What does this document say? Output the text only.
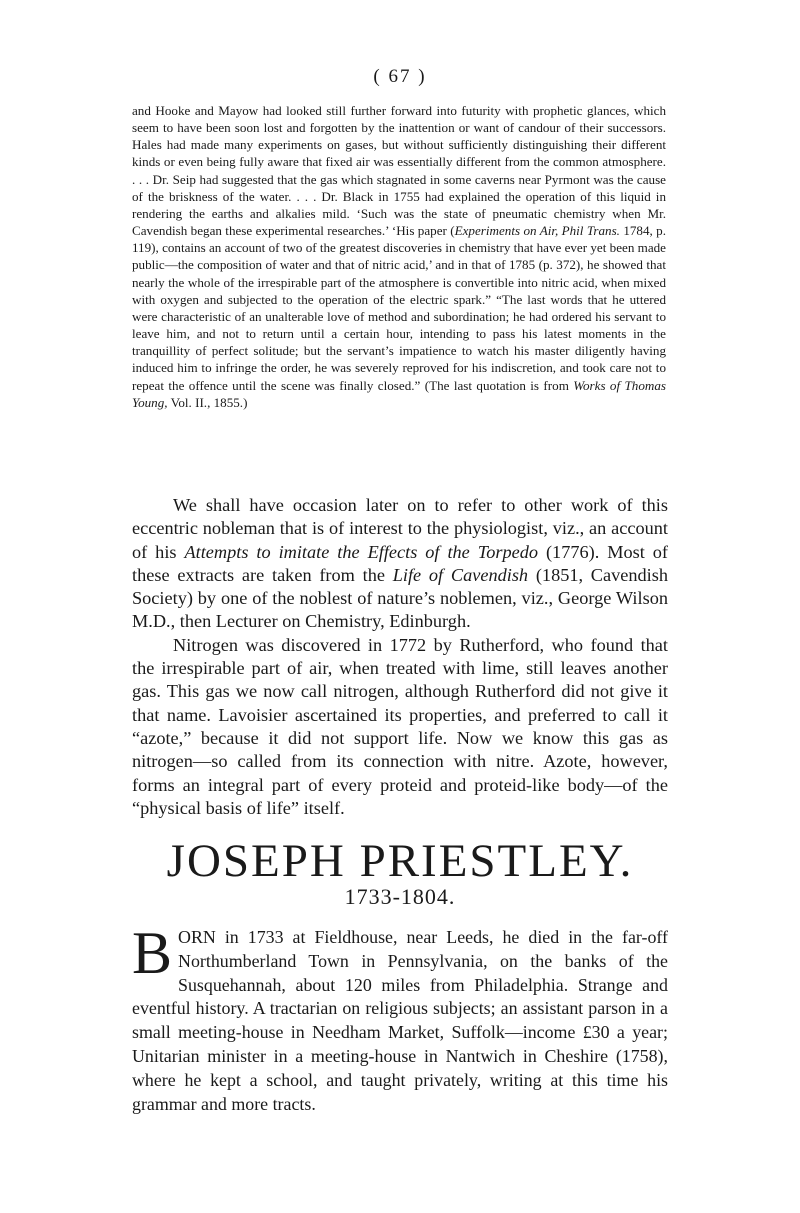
( 67 )

and Hooke and Mayow had looked still further forward into futurity with prophetic glances, which seem to have been soon lost and forgotten by the inattention or want of candour of their successors. Hales had made many experiments on gases, but without sufficiently distinguishing their different kinds or even being fully aware that fixed air was essentially different from the common atmosphere. . . . Dr. Seip had suggested that the gas which stagnated in some caverns near Pyrmont was the cause of the briskness of the water. . . . Dr. Black in 1755 had explained the operation of this liquid in rendering the earths and alkalies mild. ‘Such was the state of pneumatic chemistry when Mr. Cavendish began these experimental researches.’ ‘His paper (Experiments on Air, Phil Trans. 1784, p. 119), contains an account of two of the greatest discoveries in chemistry that have ever yet been made public—the composition of water and that of nitric acid,’ and in that of 1785 (p. 372), he showed that nearly the whole of the irrespirable part of the atmosphere is convertible into nitric acid, when mixed with oxygen and subjected to the operation of the electric spark.” “The last words that he uttered were characteristic of an unalterable love of method and subordination; he had ordered his servant to leave him, and not to return until a certain hour, intending to pass his latest moments in the tranquillity of perfect solitude; but the servant’s impatience to watch his master diligently having induced him to infringe the order, he was severely reproved for his indiscretion, and took care not to repeat the offence until the scene was finally closed.” (The last quotation is from Works of Thomas Young, Vol. II., 1855.)

We shall have occasion later on to refer to other work of this eccentric nobleman that is of interest to the physiologist, viz., an account of his Attempts to imitate the Effects of the Torpedo (1776). Most of these extracts are taken from the Life of Cavendish (1851, Cavendish Society) by one of the noblest of nature’s noblemen, viz., George Wilson M.D., then Lecturer on Chemistry, Edinburgh.

Nitrogen was discovered in 1772 by Rutherford, who found that the irrespirable part of air, when treated with lime, still leaves another gas. This gas we now call nitrogen, although Rutherford did not give it that name. Lavoisier ascertained its properties, and preferred to call it “azote,” because it did not support life. Now we know this gas as nitrogen—so called from its connection with nitre. Azote, however, forms an integral part of every proteid and proteid-like body—of the “physical basis of life” itself.

JOSEPH PRIESTLEY.
1733-1804.

BORN in 1733 at Fieldhouse, near Leeds, he died in the far-off Northumberland Town in Pennsylvania, on the banks of the Susquehannah, about 120 miles from Philadelphia. Strange and eventful history. A tractarian on religious subjects; an assistant parson in a small meeting-house in Needham Market, Suffolk—income £30 a year; Unitarian minister in a meeting-house in Nantwich in Cheshire (1758), where he kept a school, and taught privately, writing at this time his grammar and more tracts.
